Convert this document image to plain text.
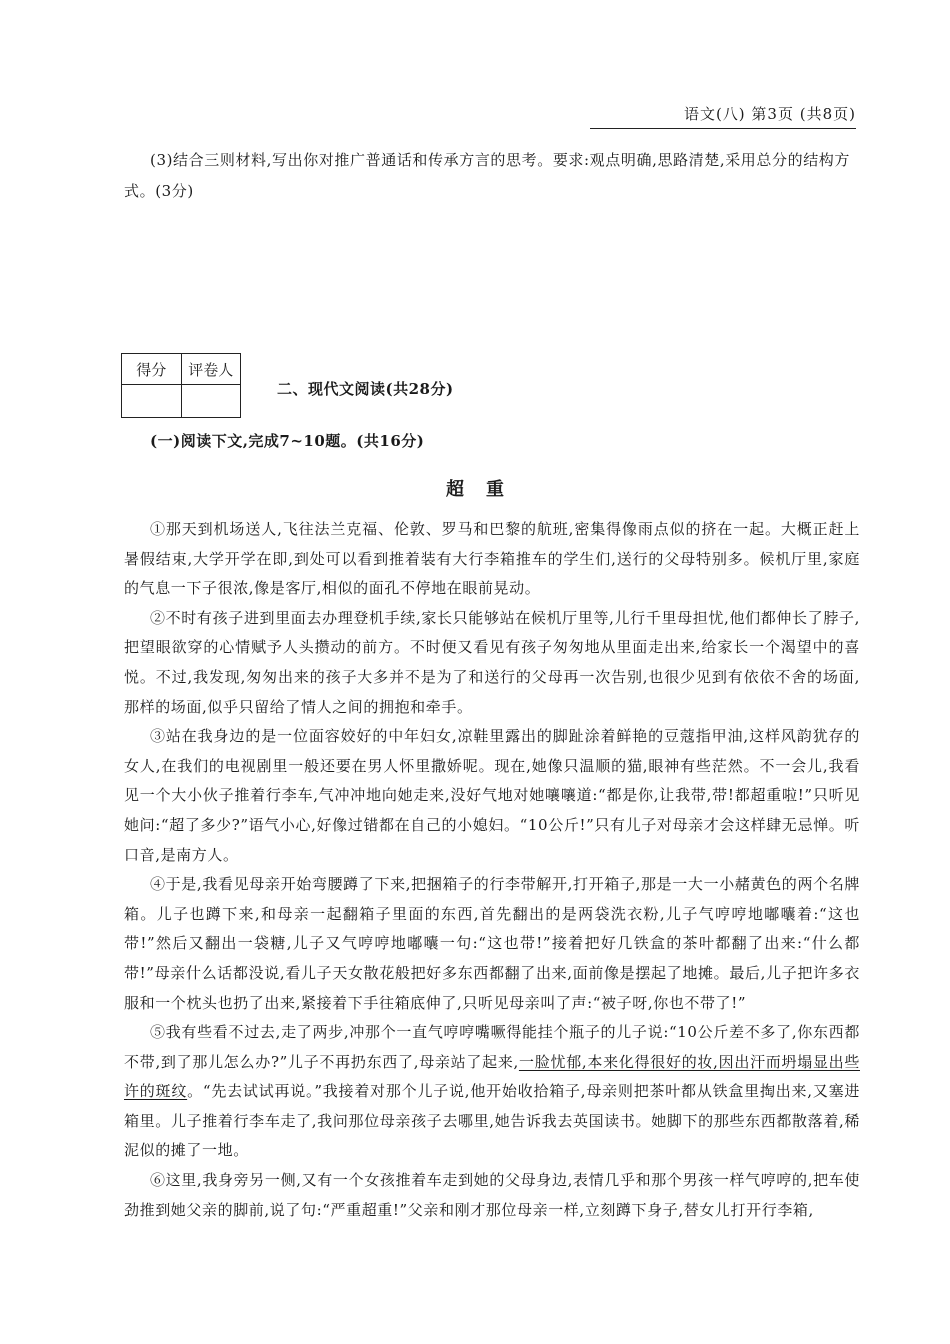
语文(八) 第3页 (共8页)
(3)结合三则材料,写出你对推广普通话和传承方言的思考。要求:观点明确,思路清楚,采用总分的结构方式。(3分)
得分	评卷人

二、现代文阅读(共28分)
(一)阅读下文,完成7~10题。(共16分)
超重

①那天到机场送人,飞往法兰克福、伦敦、罗马和巴黎的航班,密集得像雨点似的挤在一起。大概正赶上暑假结束,大学开学在即,到处可以看到推着装有大行李箱推车的学生们,送行的父母特别多。候机厅里,家庭的气息一下子很浓,像是客厅,相似的面孔不停地在眼前晃动。

②不时有孩子进到里面去办理登机手续,家长只能够站在候机厅里等,儿行千里母担忧,他们都伸长了脖子,把望眼欲穿的心情赋予人头攒动的前方。不时便又看见有孩子匆匆地从里面走出来,给家长一个渴望中的喜悦。不过,我发现,匆匆出来的孩子大多并不是为了和送行的父母再一次告别,也很少见到有依依不舍的场面,那样的场面,似乎只留给了情人之间的拥抱和牵手。

③站在我身边的是一位面容姣好的中年妇女,凉鞋里露出的脚趾涂着鲜艳的豆蔻指甲油,这样风韵犹存的女人,在我们的电视剧里一般还要在男人怀里撒娇呢。现在,她像只温顺的猫,眼神有些茫然。不一会儿,我看见一个大小伙子推着行李车,气冲冲地向她走来,没好气地对她嚷嚷道:“都是你,让我带,带!都超重啦!”只听见她问:“超了多少?”语气小心,好像过错都在自己的小媳妇。“10公斤!”只有儿子对母亲才会这样肆无忌惮。听口音,是南方人。

④于是,我看见母亲开始弯腰蹲了下来,把捆箱子的行李带解开,打开箱子,那是一大一小赭黄色的两个名牌箱。儿子也蹲下来,和母亲一起翻箱子里面的东西,首先翻出的是两袋洗衣粉,儿子气哼哼地嘟囔着:“这也带!”然后又翻出一袋糖,儿子又气哼哼地嘟囔一句:“这也带!”接着把好几铁盒的茶叶都翻了出来:“什么都带!”母亲什么话都没说,看儿子天女散花般把好多东西都翻了出来,面前像是摆起了地摊。最后,儿子把许多衣服和一个枕头也扔了出来,紧接着下手往箱底伸了,只听见母亲叫了声:“被子呀,你也不带了!”

⑤我有些看不过去,走了两步,冲那个一直气哼哼嘴噘得能挂个瓶子的儿子说:“10公斤差不多了,你东西都不带,到了那儿怎么办?”儿子不再扔东西了,母亲站了起来,一脸忧郁,本来化得很好的妆,因出汗而坍塌显出些许的斑纹。“先去试试再说。”我接着对那个儿子说,他开始收拾箱子,母亲则把茶叶都从铁盒里掏出来,又塞进箱里。儿子推着行李车走了,我问那位母亲孩子去哪里,她告诉我去英国读书。她脚下的那些东西都散落着,稀泥似的摊了一地。

⑥这里,我身旁另一侧,又有一个女孩推着车走到她的父母身边,表情几乎和那个男孩一样气哼哼的,把车使劲推到她父亲的脚前,说了句:“严重超重!”父亲和刚才那位母亲一样,立刻蹲下身子,替女儿打开行李箱,
